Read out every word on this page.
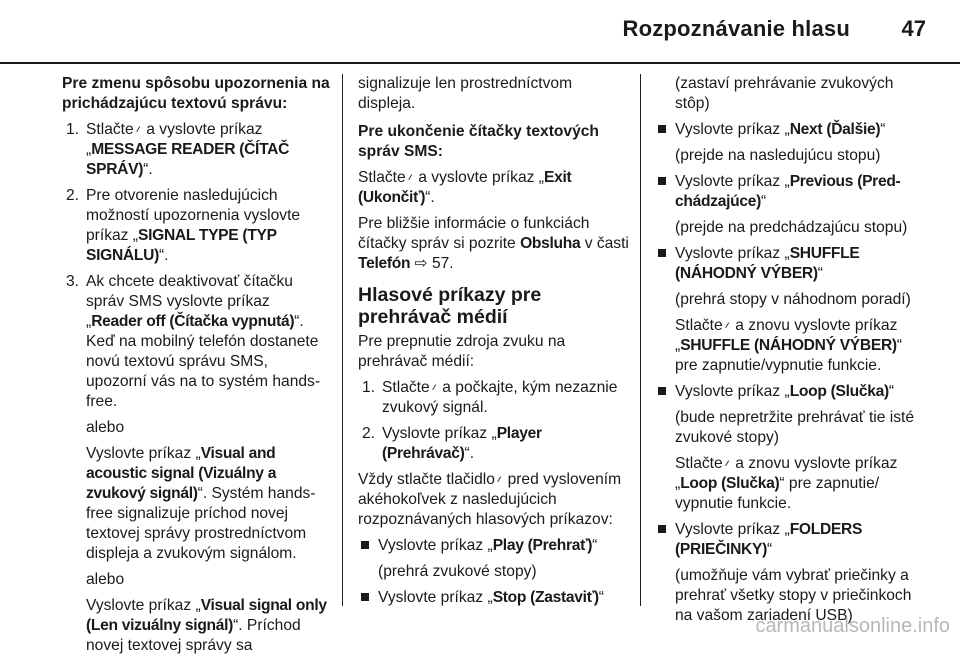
Rozpoznávanie hlasu 47

Pre zmenu spôsobu upozornenia na prichádzajúcu textovú správu:

1. Stlačte 𝄍 a vyslovte príkaz „MESSAGE READER (ČÍTAČ SPRÁV)“.
2. Pre otvorenie nasledujúcich možností upozornenia vyslovte príkaz „SIGNAL TYPE (TYP SIGNÁLU)“.
3. Ak chcete deaktivovať čítačku správ SMS vyslovte príkaz „Reader off (Čítačka vypnutá)“. Keď na mobilný telefón dostanete novú textovú správu SMS, upozorní vás na to systém hands-free.
alebo
Vyslovte príkaz „Visual and acoustic signal (Vizuálny a zvukový signál)“. Systém hands-free signalizuje príchod novej textovej správy prostredníctvom displeja a zvukovým signálom.
alebo
Vyslovte príkaz „Visual signal only (Len vizuálny signál)“. Príchod novej textovej správy sa
signalizuje len prostredníctvom displeja.

Pre ukončenie čítačky textových správ SMS:

Stlačte 𝄍 a vyslovte príkaz „Exit (Ukončiť)“.

Pre bližšie informácie o funkciách čítačky správ si pozrite Obsluha v časti Telefón ⇨ 57.

Hlasové príkazy pre prehrávač médií

Pre prepnutie zdroja zvuku na prehrávač médií:

1. Stlačte 𝄍 a počkajte, kým nezaznie zvukový signál.
2. Vyslovte príkaz „Player (Prehrávač)“.

Vždy stlačte tlačidlo 𝄍 pred vyslovením akéhokoľvek z nasledujúcich rozpoznávaných hlasových príkazov:

Vyslovte príkaz „Play (Prehrať)“
(prehrá zvukové stopy)
Vyslovte príkaz „Stop (Zastaviť)“
(zastaví prehrávanie zvukových stôp)
Vyslovte príkaz „Next (Ďalšie)“
(prejde na nasledujúcu stopu)
Vyslovte príkaz „Previous (Pred-chádzajúce)“
(prejde na predchádzajúcu stopu)
Vyslovte príkaz „SHUFFLE (NÁHODNÝ VÝBER)“
(prehrá stopy v náhodnom poradí)
Stlačte 𝄍 a znovu vyslovte príkaz „SHUFFLE (NÁHODNÝ VÝBER)“ pre zapnutie/vypnutie funkcie.
Vyslovte príkaz „Loop (Slučka)“
(bude nepretržite prehrávať tie isté zvukové stopy)
Stlačte 𝄍 a znovu vyslovte príkaz „Loop (Slučka)“ pre zapnutie/ vypnutie funkcie.
Vyslovte príkaz „FOLDERS (PRIEČINKY)“
(umožňuje vám vybrať priečinky a prehrať všetky stopy v priečinkoch na vašom zariadení USB)
carmanualsonline.info
